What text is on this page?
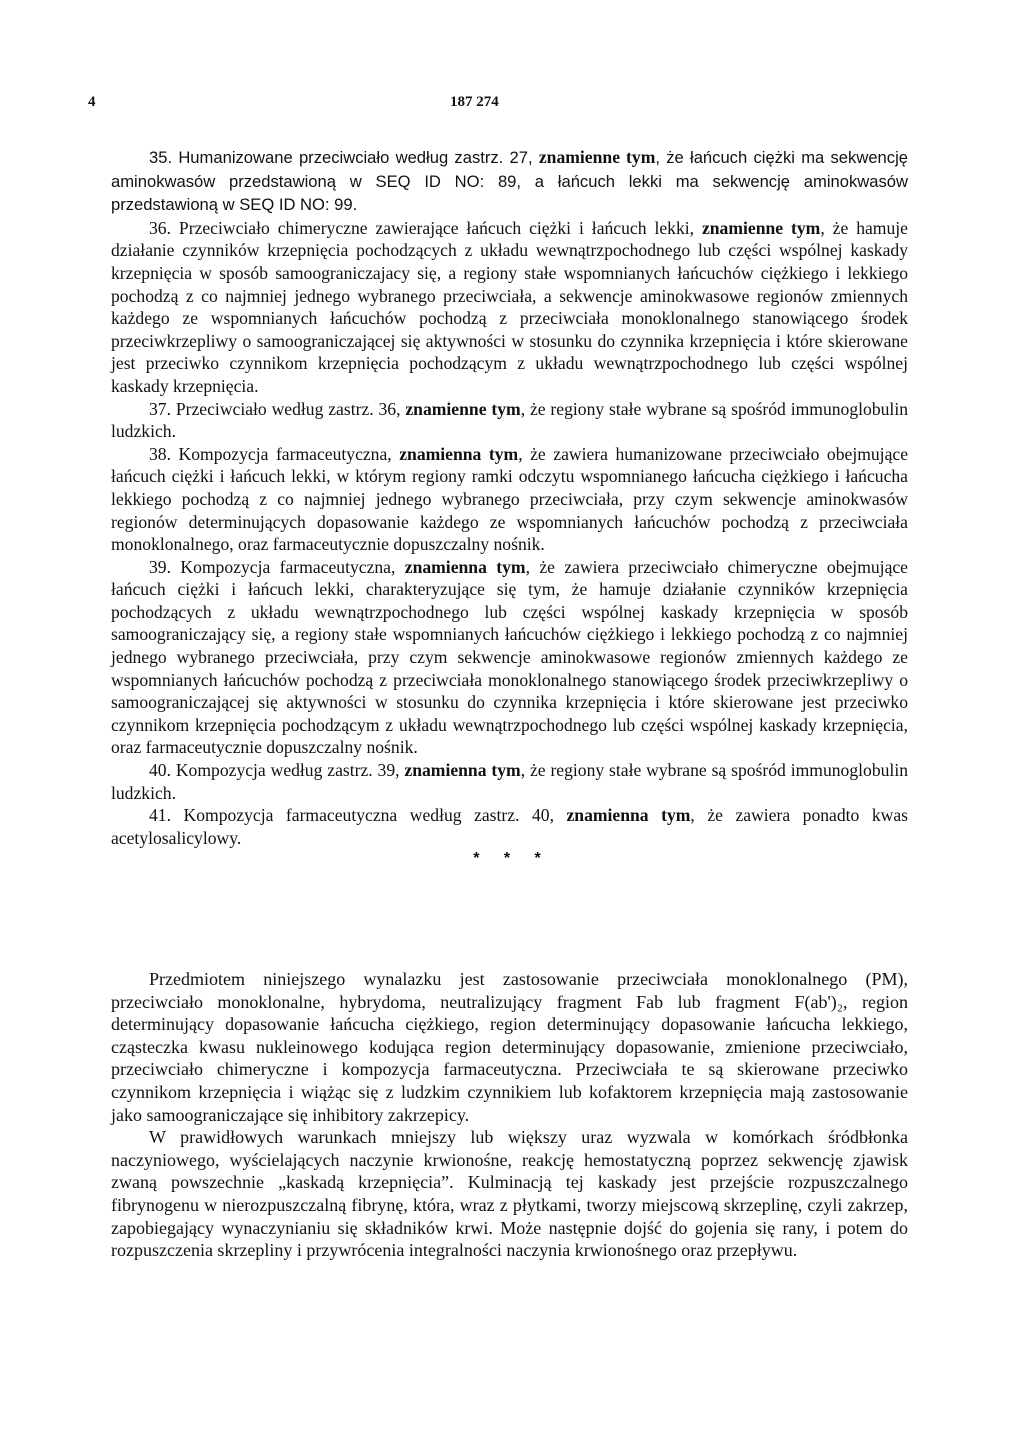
4	187 274

35. Humanizowane przeciwciało według zastrz. 27, znamienne tym, że łańcuch ciężki ma sekwencję aminokwasów przedstawioną w SEQ ID NO: 89, a łańcuch lekki ma sekwencję aminokwasów przedstawioną w SEQ ID NO: 99.

36. Przeciwciało chimeryczne zawierające łańcuch ciężki i łańcuch lekki, znamienne tym, że hamuje działanie czynników krzepnięcia pochodzących z układu wewnątrzpochodnego lub części wspólnej kaskady krzepnięcia w sposób samoograniczajacy się, a regiony stałe wspomnianych łańcuchów ciężkiego i lekkiego pochodzą z co najmniej jednego wybranego przeciwciała, a sekwencje aminokwasowe regionów zmiennych każdego ze wspomnianych łańcuchów pochodzą z przeciwciała monoklonalnego stanowiącego środek przeciwkrzepliwy o samoograniczającej się aktywności w stosunku do czynnika krzepnięcia i które skierowane jest przeciwko czynnikom krzepnięcia pochodzącym z układu wewnątrzpochodnego lub części wspólnej kaskady krzepnięcia.

37. Przeciwciało według zastrz. 36, znamienne tym, że regiony stałe wybrane są spośród immunoglobulin ludzkich.

38. Kompozycja farmaceutyczna, znamienna tym, że zawiera humanizowane przeciwciało obejmujące łańcuch ciężki i łańcuch lekki, w którym regiony ramki odczytu wspomnianego łańcucha ciężkiego i łańcucha lekkiego pochodzą z co najmniej jednego wybranego przeciwciała, przy czym sekwencje aminokwasów regionów determinujących dopasowanie każdego ze wspomnianych łańcuchów pochodzą z przeciwciała monoklonalnego, oraz farmaceutycznie dopuszczalny nośnik.

39. Kompozycja farmaceutyczna, znamienna tym, że zawiera przeciwciało chimeryczne obejmujące łańcuch ciężki i łańcuch lekki, charakteryzujące się tym, że hamuje działanie czynników krzepnięcia pochodzących z układu wewnątrzpochodnego lub części wspólnej kaskady krzepnięcia w sposób samoograniczający się, a regiony stałe wspomnianych łańcuchów ciężkiego i lekkiego pochodzą z co najmniej jednego wybranego przeciwciała, przy czym sekwencje aminokwasowe regionów zmiennych każdego ze wspomnianych łańcuchów pochodzą z przeciwciała monoklonalnego stanowiącego środek przeciwkrzepliwy o samoograniczającej się aktywności w stosunku do czynnika krzepnięcia i które skierowane jest przeciwko czynnikom krzepnięcia pochodzącym z układu wewnątrzpochodnego lub części wspólnej kaskady krzepnięcia, oraz farmaceutycznie dopuszczalny nośnik.

40. Kompozycja według zastrz. 39, znamienna tym, że regiony stałe wybrane są spośród immunoglobulin ludzkich.

41. Kompozycja farmaceutyczna według zastrz. 40, znamienna tym, że zawiera ponadto kwas acetylosalicylowy.

* * *

Przedmiotem niniejszego wynalazku jest zastosowanie przeciwciała monoklonalnego (PM), przeciwciało monoklonalne, hybrydoma, neutralizujący fragment Fab lub fragment F(ab')₂, region determinujący dopasowanie łańcucha ciężkiego, region determinujący dopasowanie łańcucha lekkiego, cząsteczka kwasu nukleinowego kodująca region determinujący dopasowanie, zmienione przeciwciało, przeciwciało chimeryczne i kompozycja farmaceutyczna. Przeciwciała te są skierowane przeciwko czynnikom krzepnięcia i wiążąc się z ludzkim czynnikiem lub kofaktorem krzepnięcia mają zastosowanie jako samoograniczające się inhibitory zakrzepicy.

W prawidłowych warunkach mniejszy lub większy uraz wyzwala w komórkach śródbłonka naczyniowego, wyścielających naczynie krwionośne, reakcję hemostatyczną poprzez sekwencję zjawisk zwaną powszechnie „kaskadą krzepnięcia”. Kulminacją tej kaskady jest przejście rozpuszczalnego fibrynogenu w nierozpuszczalną fibrynę, która, wraz z płytkami, tworzy miejscową skrzeplinę, czyli zakrzep, zapobiegający wynaczynianiu się składników krwi. Może następnie dojść do gojenia się rany, i potem do rozpuszczenia skrzepliny i przywrócenia integralności naczynia krwionośnego oraz przepływu.
